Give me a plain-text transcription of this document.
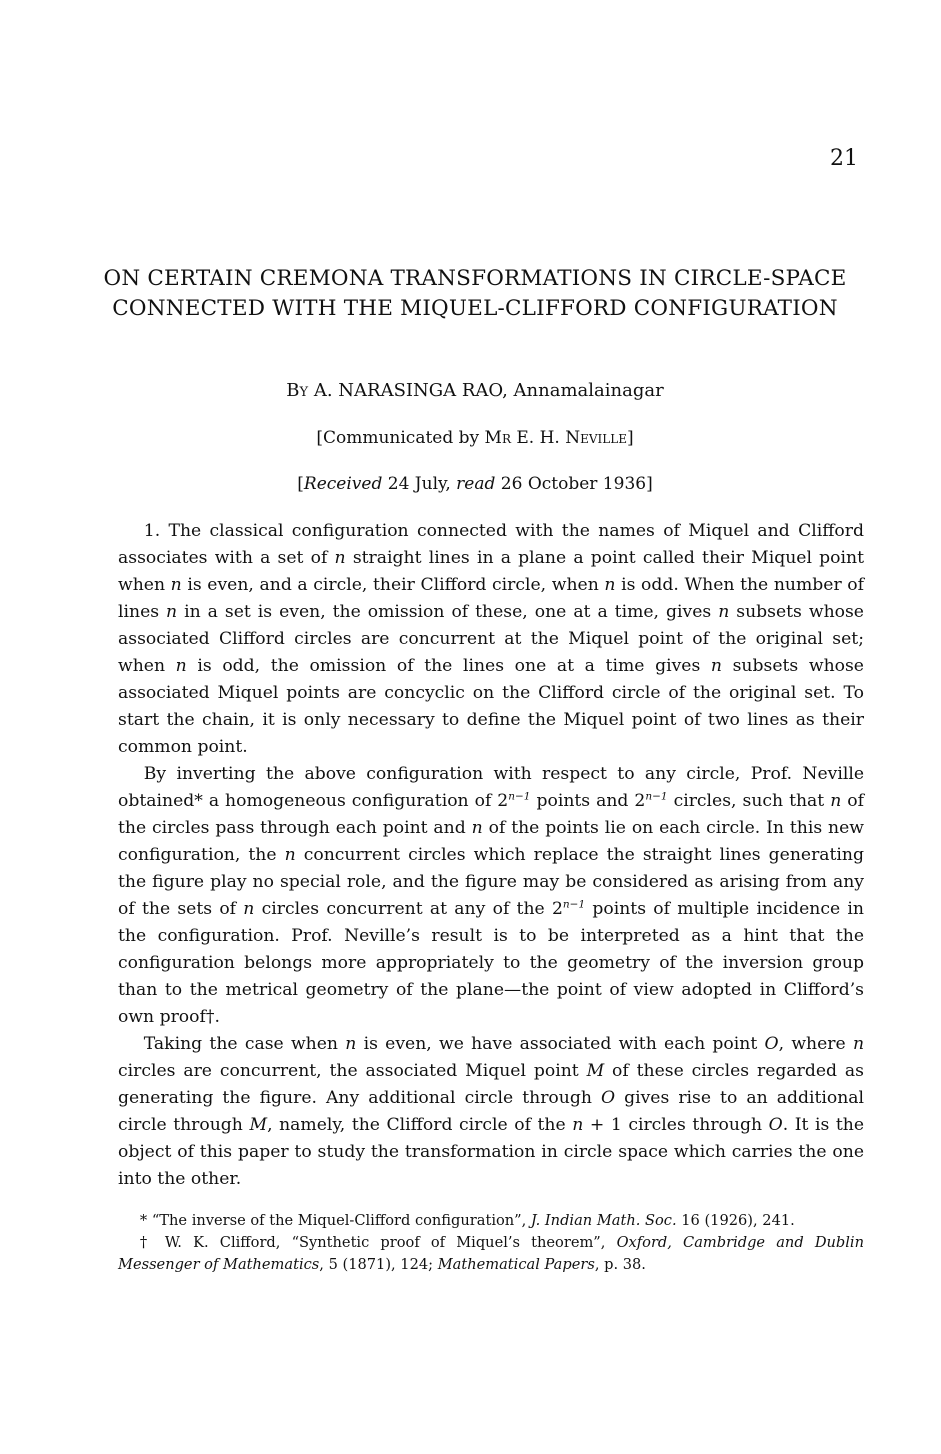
21
ON CERTAIN CREMONA TRANSFORMATIONS IN CIRCLE-SPACE CONNECTED WITH THE MIQUEL-CLIFFORD CONFIGURATION
By A. NARASINGA RAO, Annamalainagar
[Communicated by Mr E. H. Neville]
[Received 24 July, read 26 October 1936]

1. The classical configuration connected with the names of Miquel and Clifford associates with a set of n straight lines in a plane a point called their Miquel point when n is even, and a circle, their Clifford circle, when n is odd. When the number of lines n in a set is even, the omission of these, one at a time, gives n subsets whose associated Clifford circles are concurrent at the Miquel point of the original set; when n is odd, the omission of the lines one at a time gives n subsets whose associated Miquel points are concyclic on the Clifford circle of the original set. To start the chain, it is only necessary to define the Miquel point of two lines as their common point.

By inverting the above configuration with respect to any circle, Prof. Neville obtained* a homogeneous configuration of $2^{n-1}$ points and $2^{n-1}$ circles, such that n of the circles pass through each point and n of the points lie on each circle. In this new configuration, the n concurrent circles which replace the straight lines generating the figure play no special role, and the figure may be considered as arising from any of the sets of n circles concurrent at any of the $2^{n-1}$ points of multiple incidence in the configuration. Prof. Neville’s result is to be interpreted as a hint that the configuration belongs more appropriately to the geometry of the inversion group than to the metrical geometry of the plane—the point of view adopted in Clifford’s own proof†.

Taking the case when n is even, we have associated with each point O, where n circles are concurrent, the associated Miquel point M of these circles regarded as generating the figure. Any additional circle through O gives rise to an additional circle through M, namely, the Clifford circle of the n + 1 circles through O. It is the object of this paper to study the transformation in circle space which carries the one into the other.

* “The inverse of the Miquel-Clifford configuration”, J. Indian Math. Soc. 16 (1926), 241.

† W. K. Clifford, “Synthetic proof of Miquel’s theorem”, Oxford, Cambridge and Dublin Messenger of Mathematics, 5 (1871), 124; Mathematical Papers, p. 38.
